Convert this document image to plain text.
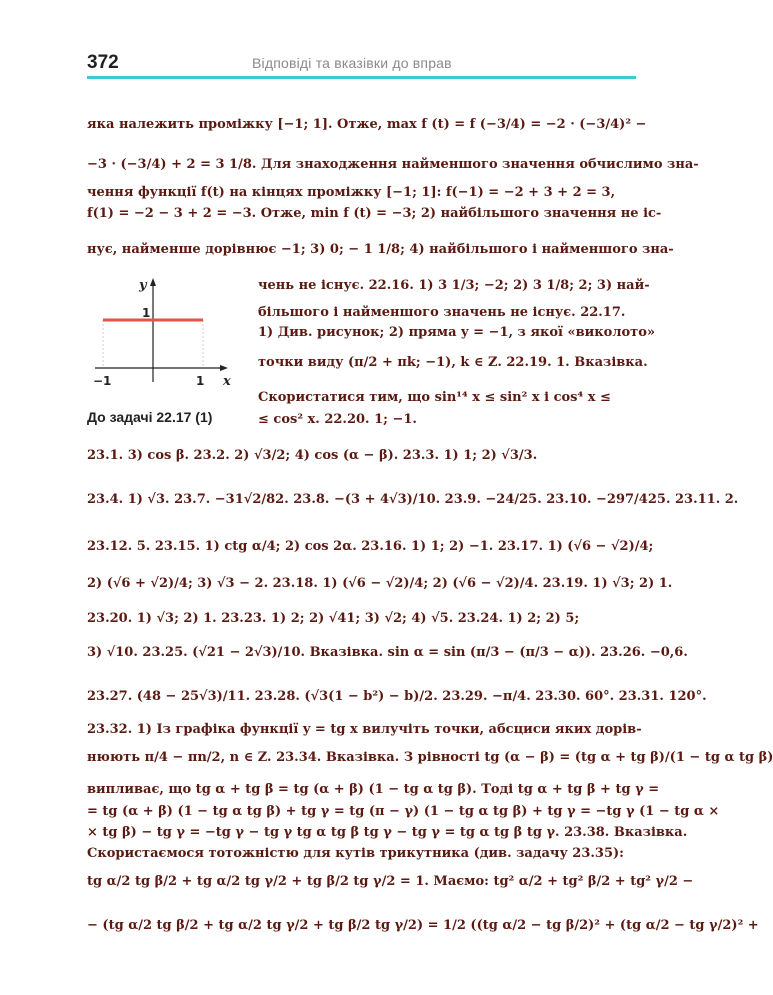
372	Відповіді та вказівки до вправ
яка належить проміжку [−1; 1]. Отже, max f (t) = f (−3/4) = −2 · (−3/4)² −
−3 · (−3/4) + 2 = 3 1/8. Для знаходження найменшого значення обчислимо зна-
чення функції f(t) на кінцях проміжку [−1; 1]: f(−1) = −2 + 3 + 2 = 3,
f(1) = −2 − 3 + 2 = −3. Отже, min f (t) = −3; 2) найбільшого значення не іс-
нує, найменше дорівнює −1; 3) 0; − 1 1/8; 4) найбільшого і найменшого зна-
чень не існує. 22.16. 1) 3 1/3; −2; 2) 3 1/8; 2; 3) най-
більшого і найменшого значень не існує. 22.17.
1) Див. рисунок; 2) пряма y = −1, з якої «виколото»
точки виду (π/2 + πk; −1), k ∈ Z. 22.19. 1. Вказівка.
Скористатися тим, що sin¹⁴ x ≤ sin² x і cos⁴ x ≤
≤ cos² x. 22.20. 1; −1.
y
x
1
−1	1
До задачі 22.17 (1)
23.1. 3) cos β. 23.2. 2) √3/2; 4) cos (α − β). 23.3. 1) 1; 2) √3/3.
23.4. 1) √3. 23.7. −31√2/82. 23.8. −(3 + 4√3)/10. 23.9. −24/25. 23.10. −297/425. 23.11. 2.
23.12. 5. 23.15. 1) ctg α/4; 2) cos 2α. 23.16. 1) 1; 2) −1. 23.17. 1) (√6 − √2)/4;
2) (√6 + √2)/4; 3) √3 − 2. 23.18. 1) (√6 − √2)/4; 2) (√6 − √2)/4. 23.19. 1) √3; 2) 1.
23.20. 1) √3; 2) 1. 23.23. 1) 2; 2) √41; 3) √2; 4) √5. 23.24. 1) 2; 2) 5;
3) √10. 23.25. (√21 − 2√3)/10. Вказівка. sin α = sin (π/3 − (π/3 − α)). 23.26. −0,6.
23.27. (48 − 25√3)/11. 23.28. (√3(1 − b²) − b)/2. 23.29. −π/4. 23.30. 60°. 23.31. 120°.
23.32. 1) Із графіка функції y = tg x вилучіть точки, абсциси яких дорів-
нюють π/4 − πn/2, n ∈ Z. 23.34. Вказівка. З рівності tg (α − β) = (tg α + tg β)/(1 − tg α tg β)
випливає, що tg α + tg β = tg (α + β) (1 − tg α tg β). Тоді tg α + tg β + tg γ =
= tg (α + β) (1 − tg α tg β) + tg γ = tg (π − γ) (1 − tg α tg β) + tg γ = −tg γ (1 − tg α ×
× tg β) − tg γ = −tg γ − tg γ tg α tg β tg γ − tg γ = tg α tg β tg γ. 23.38. Вказівка.
Скористаємося тотожністю для кутів трикутника (див. задачу 23.35):
tg α/2 tg β/2 + tg α/2 tg γ/2 + tg β/2 tg γ/2 = 1. Маємо: tg² α/2 + tg² β/2 + tg² γ/2 −
− (tg α/2 tg β/2 + tg α/2 tg γ/2 + tg β/2 tg γ/2) = 1/2 ((tg α/2 − tg β/2)² + (tg α/2 − tg γ/2)² +
